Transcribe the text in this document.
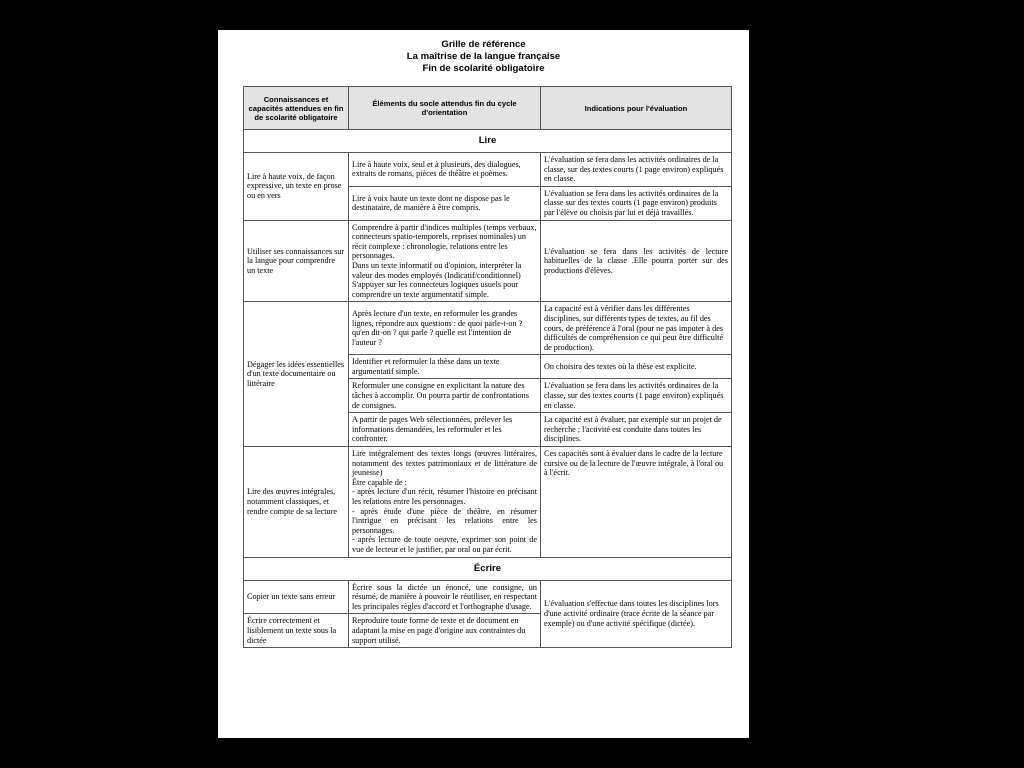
Grille de référence
La maîtrise de la langue française
Fin de scolarité obligatoire
Connaissances et capacités attendues en fin de scolarité obligatoire	Éléments du socle attendus fin du cycle d'orientation	Indications pour l'évaluation
Lire		
Lire à haute voix, de façon expressive, un texte en prose ou en vers	Lire à haute voix, seul et à plusieurs, des dialogues, extraits de romans, pièces de théâtre et poèmes.	L'évaluation se fera dans les activités ordinaires de la classe, sur des textes courts (1 page environ) expliqués en classe.
	Lire à voix haute un texte dont ne dispose pas le destinataire, de manière à être compris.	L'évaluation se fera dans les activités ordinaires de la classe sur des textes courts (1 page environ) produits par l'élève ou choisis par lui et déjà travaillés.
Utiliser ses connaissances sur la langue pour comprendre un texte	Comprendre à partir d'indices multiples (temps verbaux, connecteurs spatio-temporels, reprises nominales) un récit complexe : chronologie, relations entre les personnages.
Dans un texte informatif ou d'opinion, interpréter la valeur des modes employés (Indicatif/conditionnel)
S'appuyer sur les connecteurs logiques usuels pour comprendre un texte argumentatif simple.	L'évaluation se fera dans les activités de lecture habituelles de la classe .Elle pourra porter sur des productions d'élèves.
Dégager les idées essentielles d'un texte documentaire ou littéraire	Après lecture d'un texte, en reformuler les grandes lignes, répondre aux questions : de quoi parle-t-on ? qu'en dit-on ? qui parle ? quelle est l'intention de l'auteur ?	La capacité est à vérifier dans les différentes disciplines, sur différents types de textes, au fil des cours, de préférence à l'oral (pour ne pas imputer à des difficultés de compréhension ce qui peut être difficulté de production).
	Identifier et reformuler la thèse dans un texte argumentatif simple.	On choisira des textes où la thèse est explicite.
	Reformuler une consigne en explicitant la nature des tâches à accomplir. On pourra partir de confrontations de consignes.	L'évaluation se fera dans les activités ordinaires de la classe, sur des textes courts (1 page environ) expliqués en classe.
	A partir de pages Web sélectionnées, prélever les informations demandées, les reformuler et les confronter.	La capacité est à évaluer, par exemple sur un projet de recherche ; l'activité est conduite dans toutes les disciplines.
Lire des œuvres intégrales, notamment classiques, et rendre compte de sa lecture	Lire intégralement des textes longs (œuvres littéraires, notamment des textes patrimoniaux et de littérature de jeunesse)
Être capable de :
- après lecture d'un récit, résumer l'histoire en précisant les relations entre les personnages.
- après étude d'une pièce de théâtre, en résumer l'intrigue en précisant les relations entre les personnages.
- après lecture de toute oeuvre, exprimer son point de vue de lecteur et le justifier, par oral ou par écrit.	Ces capacités sont à évaluer dans le cadre de la lecture cursive ou de la lecture de l'œuvre intégrale, à l'oral ou à l'écrit.
Écrire		
Copier un texte sans erreur	Écrire sous la dictée un énoncé, une consigne, un résumé, de manière à pouvoir le réutiliser, en respectant les principales règles d'accord et l'orthographe d'usage.	L'évaluation s'effectue dans toutes les disciplines lors d'une activité ordinaire (trace écrite de la séance par exemple) ou d'une activité spécifique (dictée).
Écrire correctement et lisiblement un texte sous la dictée	Reproduire toute forme de texte et de document en adaptant la mise en page d'origine aux contraintes du support utilisé.	
